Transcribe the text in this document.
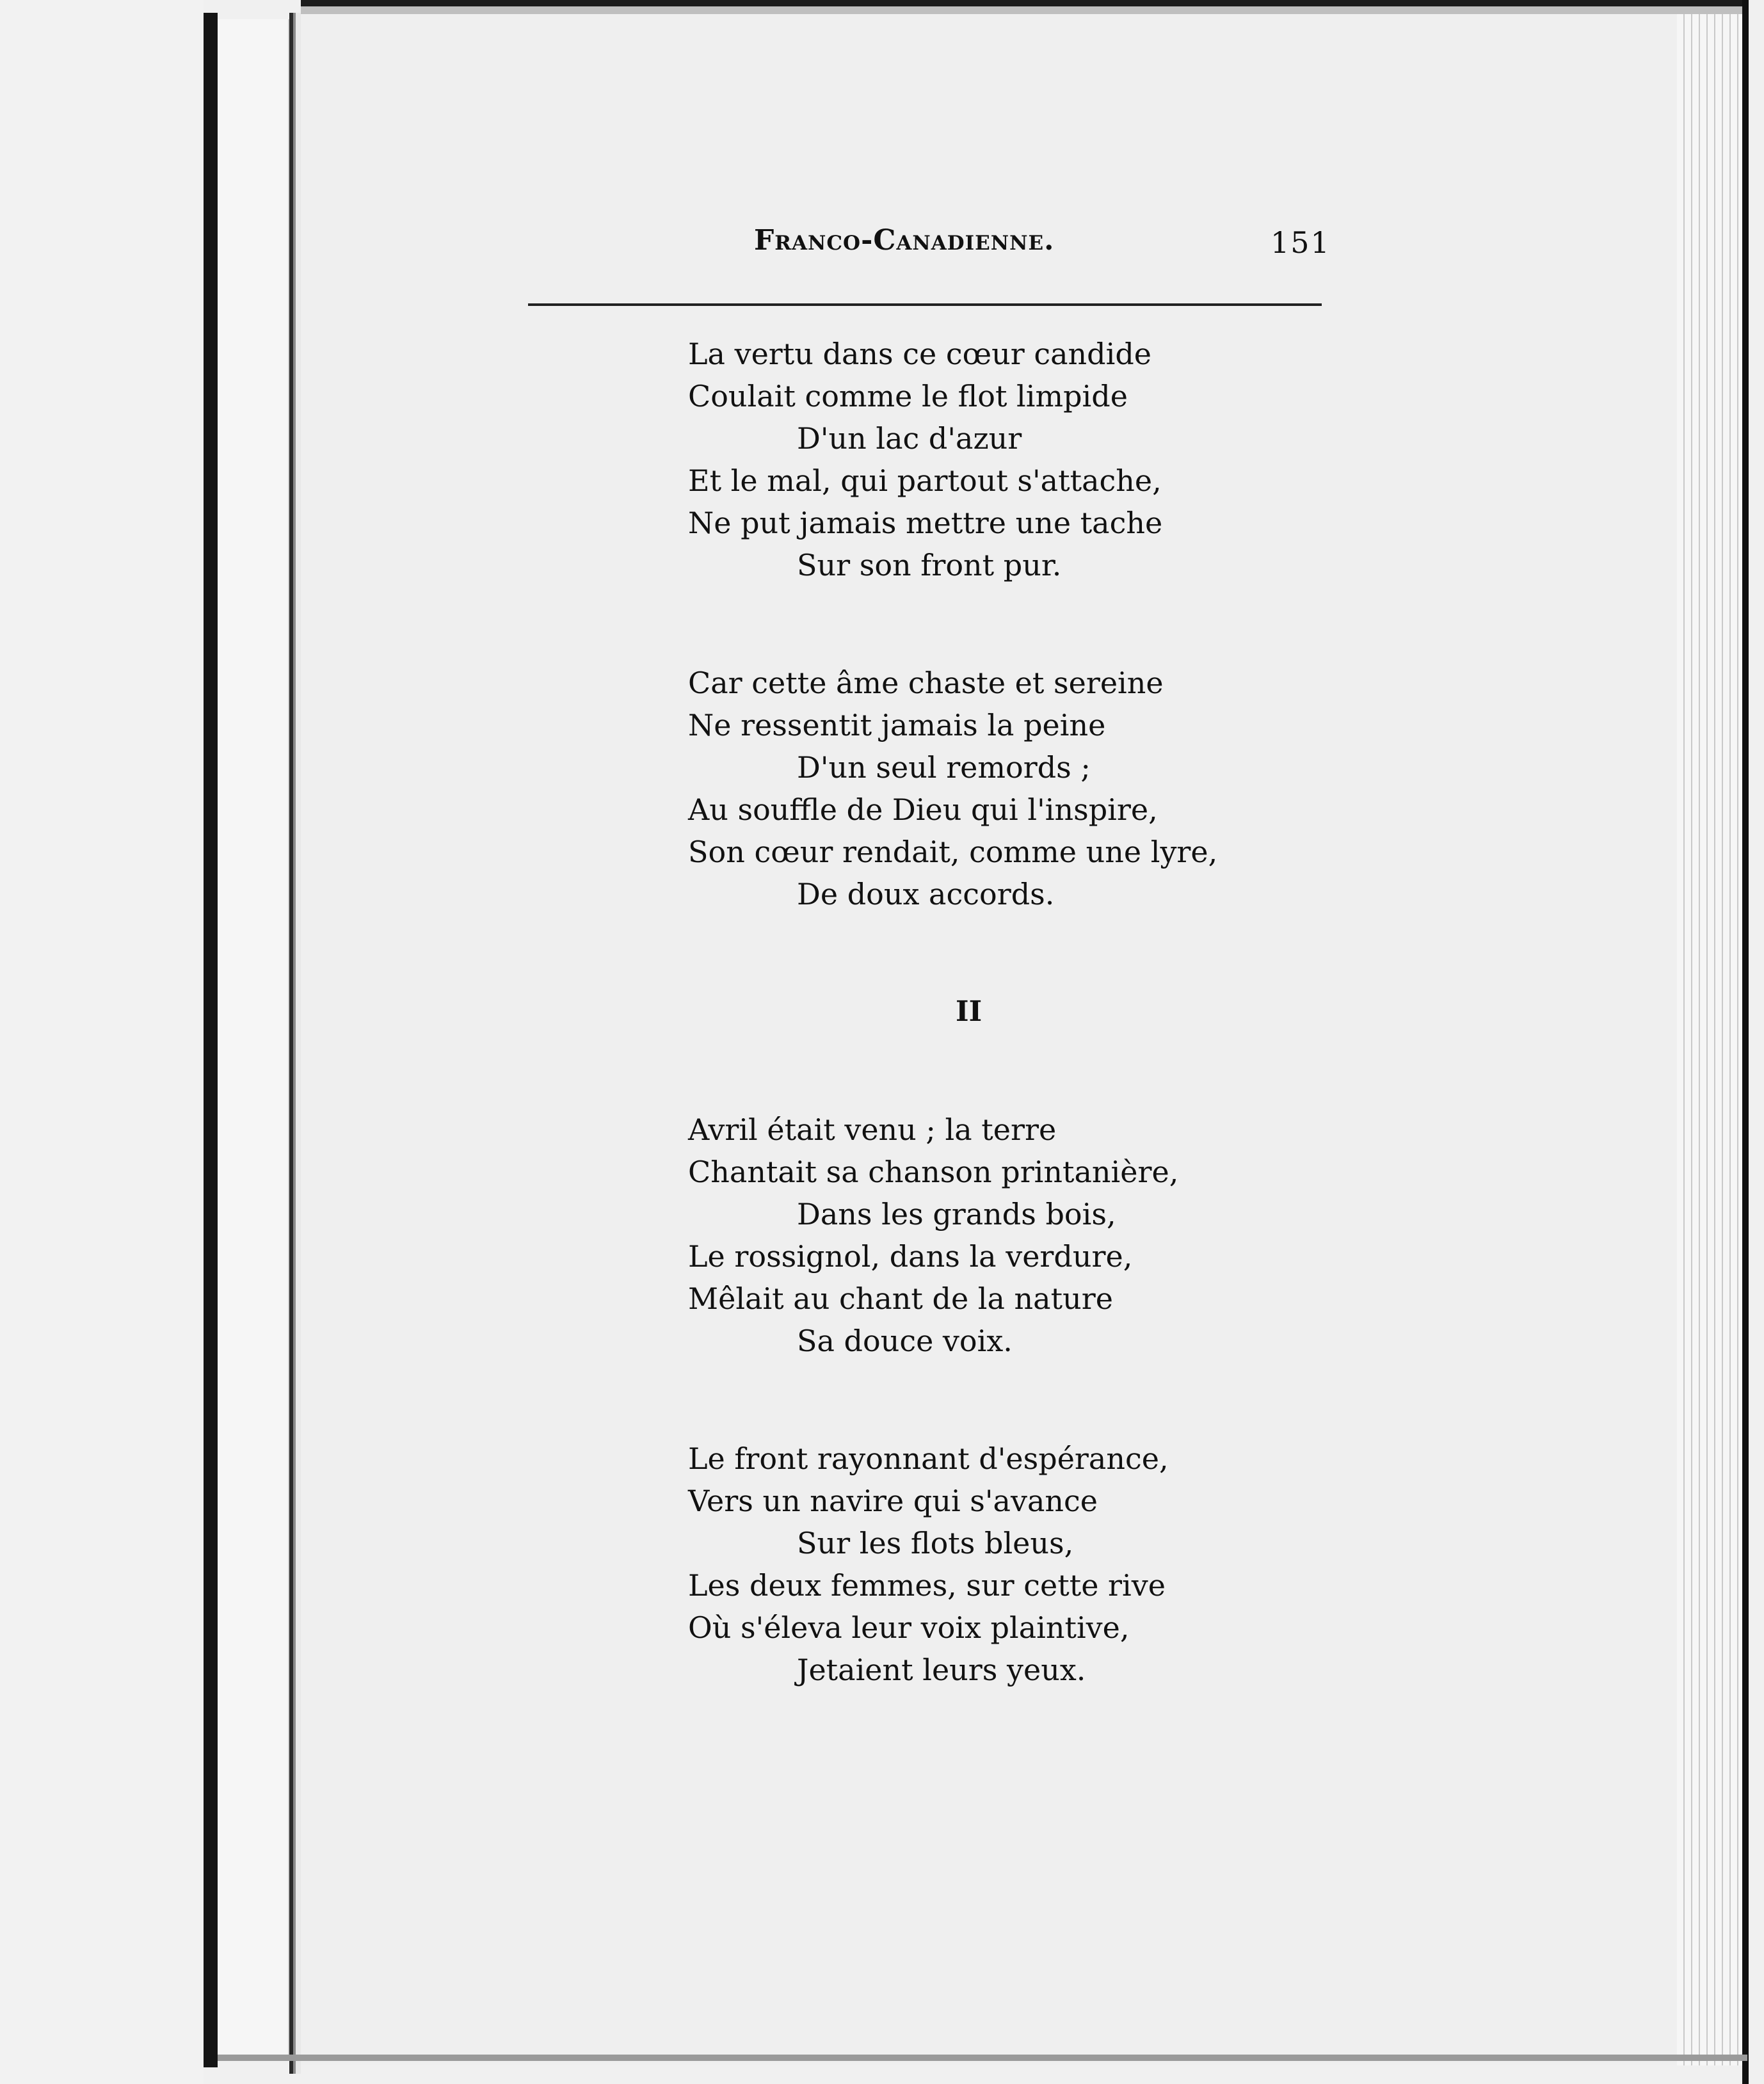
Franco-Canadienne.	151

La vertu dans ce cœur candide
Coulait comme le flot limpide
D'un lac d'azur
Et le mal, qui partout s'attache,
Ne put jamais mettre une tache
Sur son front pur.

Car cette âme chaste et sereine
Ne ressentit jamais la peine
D'un seul remords ;
Au souffle de Dieu qui l'inspire,
Son cœur rendait, comme une lyre,
De doux accords.

II

Avril était venu ; la terre
Chantait sa chanson printanière,
Dans les grands bois,
Le rossignol, dans la verdure,
Mêlait au chant de la nature
Sa douce voix.

Le front rayonnant d'espérance,
Vers un navire qui s'avance
Sur les flots bleus,
Les deux femmes, sur cette rive
Où s'éleva leur voix plaintive,
Jetaient leurs yeux.
